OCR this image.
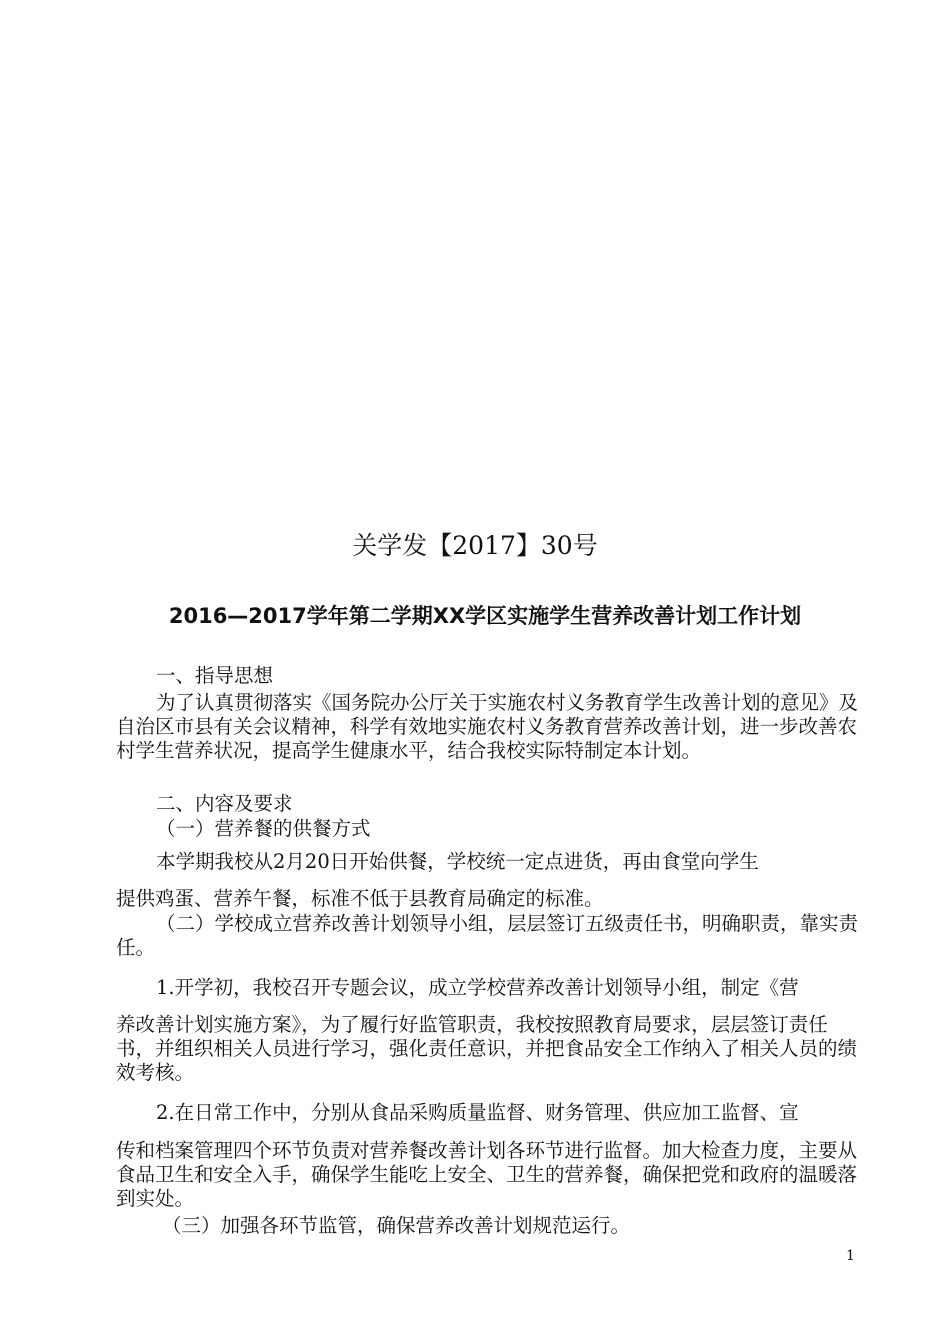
关学发【2017】30号
2016—2017学年第二学期XX学区实施学生营养改善计划工作计划

一、指导思想

为了认真贯彻落实《国务院办公厅关于实施农村义务教育学生改善计划的意见》及自治区市县有关会议精神，科学有效地实施农村义务教育营养改善计划，进一步改善农村学生营养状况，提高学生健康水平，结合我校实际特制定本计划。

二、内容及要求

（一）营养餐的供餐方式

本学期我校从2月20日开始供餐，学校统一定点进货，再由食堂向学生

提供鸡蛋、营养午餐，标准不低于县教育局确定的标准。

（二）学校成立营养改善计划领导小组，层层签订五级责任书，明确职责，靠实责任。

1.开学初，我校召开专题会议，成立学校营养改善计划领导小组，制定《营

养改善计划实施方案》，为了履行好监管职责，我校按照教育局要求，层层签订责任书，并组织相关人员进行学习，强化责任意识，并把食品安全工作纳入了相关人员的绩效考核。

2.在日常工作中，分别从食品采购质量监督、财务管理、供应加工监督、宣

传和档案管理四个环节负责对营养餐改善计划各环节进行监督。加大检查力度，主要从食品卫生和安全入手，确保学生能吃上安全、卫生的营养餐，确保把党和政府的温暖落到实处。

（三）加强各环节监管，确保营养改善计划规范运行。

1
